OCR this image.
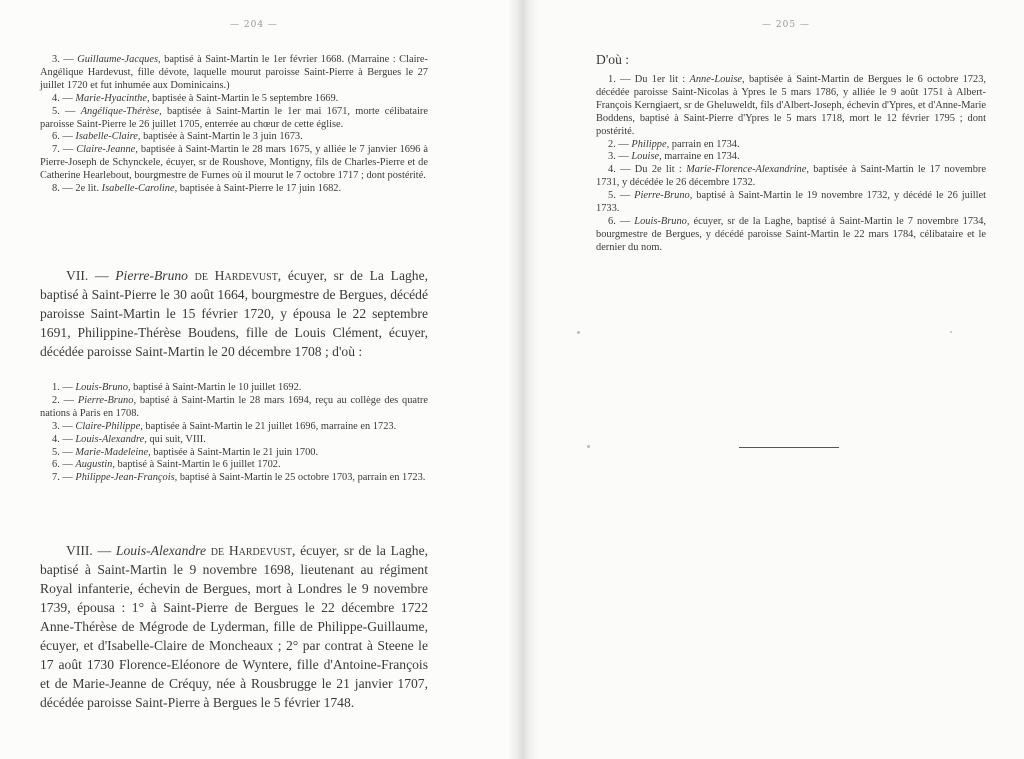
— 204 —

3. — Guillaume-Jacques, baptisé à Saint-Martin le 1er février 1668. (Marraine : Claire-Angélique Hardevust, fille dévote, laquelle mourut paroisse Saint-Pierre à Bergues le 27 juillet 1720 et fut inhumée aux Dominicains.)

4. — Marie-Hyacinthe, baptisée à Saint-Martin le 5 septembre 1669.

5. — Angélique-Thérèse, baptisée à Saint-Martin le 1er mai 1671, morte célibataire paroisse Saint-Pierre le 26 juillet 1705, enterrée au chœur de cette église.

6. — Isabelle-Claire, baptisée à Saint-Martin le 3 juin 1673.

7. — Claire-Jeanne, baptisée à Saint-Martin le 28 mars 1675, y alliée le 7 janvier 1696 à Pierre-Joseph de Schynckele, écuyer, sr de Roushove, Montigny, fils de Charles-Pierre et de Catherine Hearlebout, bourgmestre de Furnes où il mourut le 7 octobre 1717 ; dont postérité.

8. — 2e lit. Isabelle-Caroline, baptisée à Saint-Pierre le 17 juin 1682.

VII. — Pierre-Bruno de Hardevust, écuyer, sr de La Laghe, baptisé à Saint-Pierre le 30 août 1664, bourgmestre de Bergues, décédé paroisse Saint-Martin le 15 février 1720, y épousa le 22 septembre 1691, Philippine-Thérèse Boudens, fille de Louis Clément, écuyer, décédée paroisse Saint-Martin le 20 décembre 1708 ; d'où :

1. — Louis-Bruno, baptisé à Saint-Martin le 10 juillet 1692.

2. — Pierre-Bruno, baptisé à Saint-Martin le 28 mars 1694, reçu au collège des quatre nations à Paris en 1708.

3. — Claire-Philippe, baptisée à Saint-Martin le 21 juillet 1696, marraine en 1723.

4. — Louis-Alexandre, qui suit, VIII.

5. — Marie-Madeleine, baptisée à Saint-Martin le 21 juin 1700.

6. — Augustin, baptisé à Saint-Martin le 6 juillet 1702.

7. — Philippe-Jean-François, baptisé à Saint-Martin le 25 octobre 1703, parrain en 1723.

VIII. — Louis-Alexandre de Hardevust, écuyer, sr de la Laghe, baptisé à Saint-Martin le 9 novembre 1698, lieutenant au régiment Royal infanterie, échevin de Bergues, mort à Londres le 9 novembre 1739, épousa : 1° à Saint-Pierre de Bergues le 22 décembre 1722 Anne-Thérèse de Mégrode de Lyderman, fille de Philippe-Guillaume, écuyer, et d'Isabelle-Claire de Moncheaux ; 2° par contrat à Steene le 17 août 1730 Florence-Eléonore de Wyntere, fille d'Antoine-François et de Marie-Jeanne de Créquy, née à Rousbrugge le 21 janvier 1707, décédée paroisse Saint-Pierre à Bergues le 5 février 1748.

— 205 —
D'où :

1. — Du 1er lit : Anne-Louise, baptisée à Saint-Martin de Bergues le 6 octobre 1723, décédée paroisse Saint-Nicolas à Ypres le 5 mars 1786, y alliée le 9 août 1751 à Albert-François Kerngiaert, sr de Gheluweldt, fils d'Albert-Joseph, échevin d'Ypres, et d'Anne-Marie Boddens, baptisé à Saint-Pierre d'Ypres le 5 mars 1718, mort le 12 février 1795 ; dont postérité.

2. — Philippe, parrain en 1734.

3. — Louise, marraine en 1734.

4. — Du 2e lit : Marie-Florence-Alexandrine, baptisée à Saint-Martin le 17 novembre 1731, y décédée le 26 décembre 1732.

5. — Pierre-Bruno, baptisé à Saint-Martin le 19 novembre 1732, y décédé le 26 juillet 1733.

6. — Louis-Bruno, écuyer, sr de la Laghe, baptisé à Saint-Martin le 7 novembre 1734, bourgmestre de Bergues, y décédé paroisse Saint-Martin le 22 mars 1784, célibataire et le dernier du nom.
